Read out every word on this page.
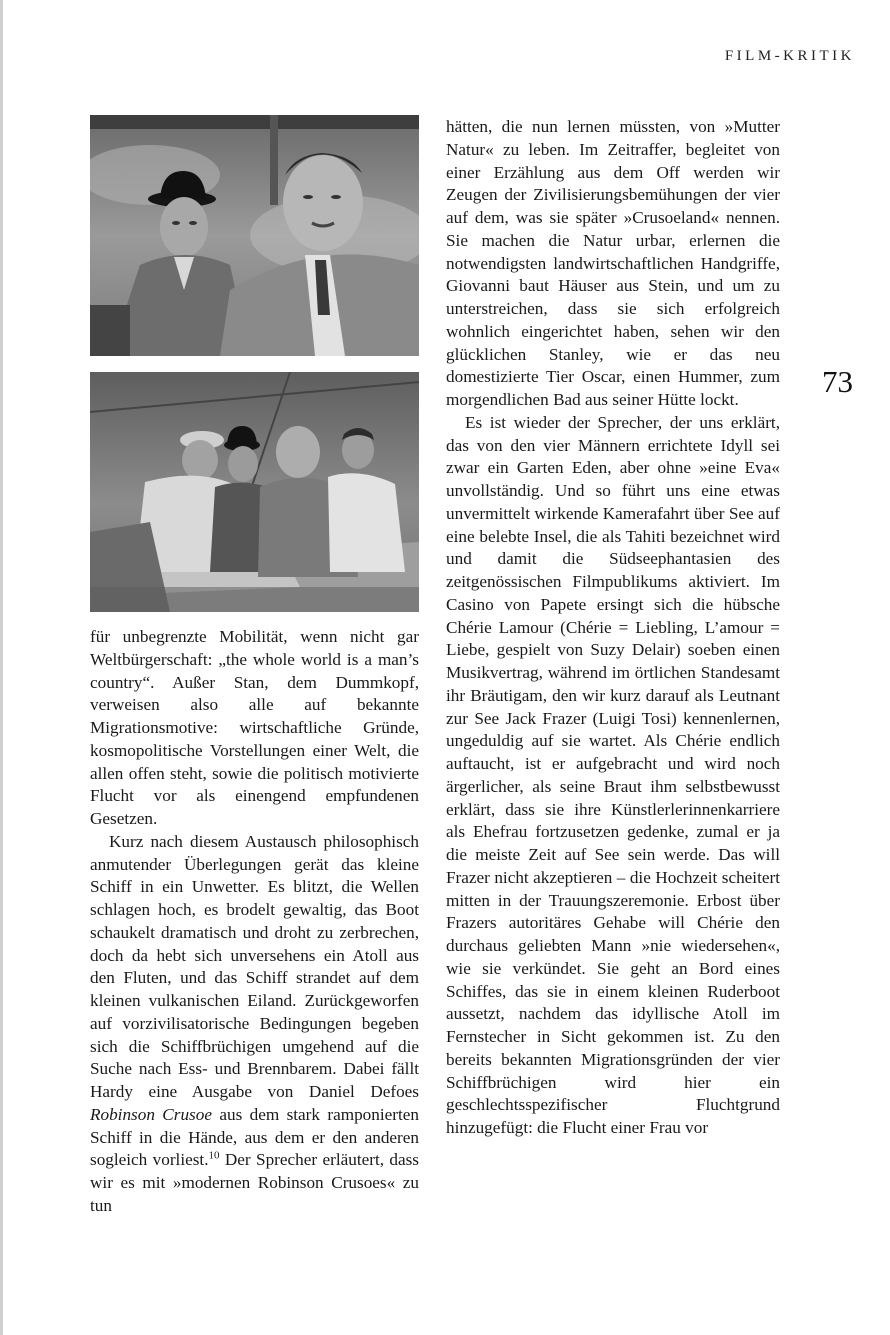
FILM-KRITIK
73

für unbegrenzte Mobilität, wenn nicht gar Weltbürgerschaft: „the whole world is a man’s country“. Außer Stan, dem Dummkopf, verweisen also alle auf bekannte Migrationsmotive: wirtschaftliche Gründe, kosmopolitische Vorstellungen einer Welt, die allen offen steht, sowie die politisch motivierte Flucht vor als einengend empfundenen Gesetzen.

Kurz nach diesem Austausch philosophisch anmutender Überlegungen gerät das kleine Schiff in ein Unwetter. Es blitzt, die Wellen schlagen hoch, es brodelt gewaltig, das Boot schaukelt dramatisch und droht zu zerbrechen, doch da hebt sich unversehens ein Atoll aus den Fluten, und das Schiff strandet auf dem kleinen vulkanischen Eiland. Zurückgeworfen auf vorzivilisatorische Bedingungen begeben sich die Schiffbrüchigen umgehend auf die Suche nach Ess- und Brennbarem. Dabei fällt Hardy eine Ausgabe von Daniel Defoes Robinson Crusoe aus dem stark ramponierten Schiff in die Hände, aus dem er den anderen sogleich vorliest.$^{10}$ Der Sprecher erläutert, dass wir es mit »modernen Robinson Crusoes« zu tun

hätten, die nun lernen müssten, von »Mutter Natur« zu leben. Im Zeitraffer, begleitet von einer Erzählung aus dem Off werden wir Zeugen der Zivilisierungsbemühungen der vier auf dem, was sie später »Crusoeland« nennen. Sie machen die Natur urbar, erlernen die notwendigsten landwirtschaftlichen Handgriffe, Giovanni baut Häuser aus Stein, und um zu unterstreichen, dass sie sich erfolgreich wohnlich eingerichtet haben, sehen wir den glücklichen Stanley, wie er das neu domestizierte Tier Oscar, einen Hummer, zum morgendlichen Bad aus seiner Hütte lockt.

Es ist wieder der Sprecher, der uns erklärt, das von den vier Männern errichtete Idyll sei zwar ein Garten Eden, aber ohne »eine Eva« unvollständig. Und so führt uns eine etwas unvermittelt wirkende Kamerafahrt über See auf eine belebte Insel, die als Tahiti bezeichnet wird und damit die Südseephantasien des zeitgenössischen Filmpublikums aktiviert. Im Casino von Papete ersingt sich die hübsche Chérie Lamour (Chérie = Liebling, L’amour = Liebe, gespielt von Suzy Delair) soeben einen Musikvertrag, während im örtlichen Standesamt ihr Bräutigam, den wir kurz darauf als Leutnant zur See Jack Frazer (Luigi Tosi) kennenlernen, ungeduldig auf sie wartet. Als Chérie endlich auftaucht, ist er aufgebracht und wird noch ärgerlicher, als seine Braut ihm selbstbewusst erklärt, dass sie ihre Künstlerlerinnenkarriere als Ehefrau fortzusetzen gedenke, zumal er ja die meiste Zeit auf See sein werde. Das will Frazer nicht akzeptieren – die Hochzeit scheitert mitten in der Trauungszeremonie. Erbost über Frazers autoritäres Gehabe will Chérie den durchaus geliebten Mann »nie wiedersehen«, wie sie verkündet. Sie geht an Bord eines Schiffes, das sie in einem kleinen Ruderboot aussetzt, nachdem das idyllische Atoll im Fernstecher in Sicht gekommen ist. Zu den bereits bekannten Migrationsgründen der vier Schiffbrüchigen wird hier ein geschlechtsspezifischer Fluchtgrund hinzugefügt: die Flucht einer Frau vor
